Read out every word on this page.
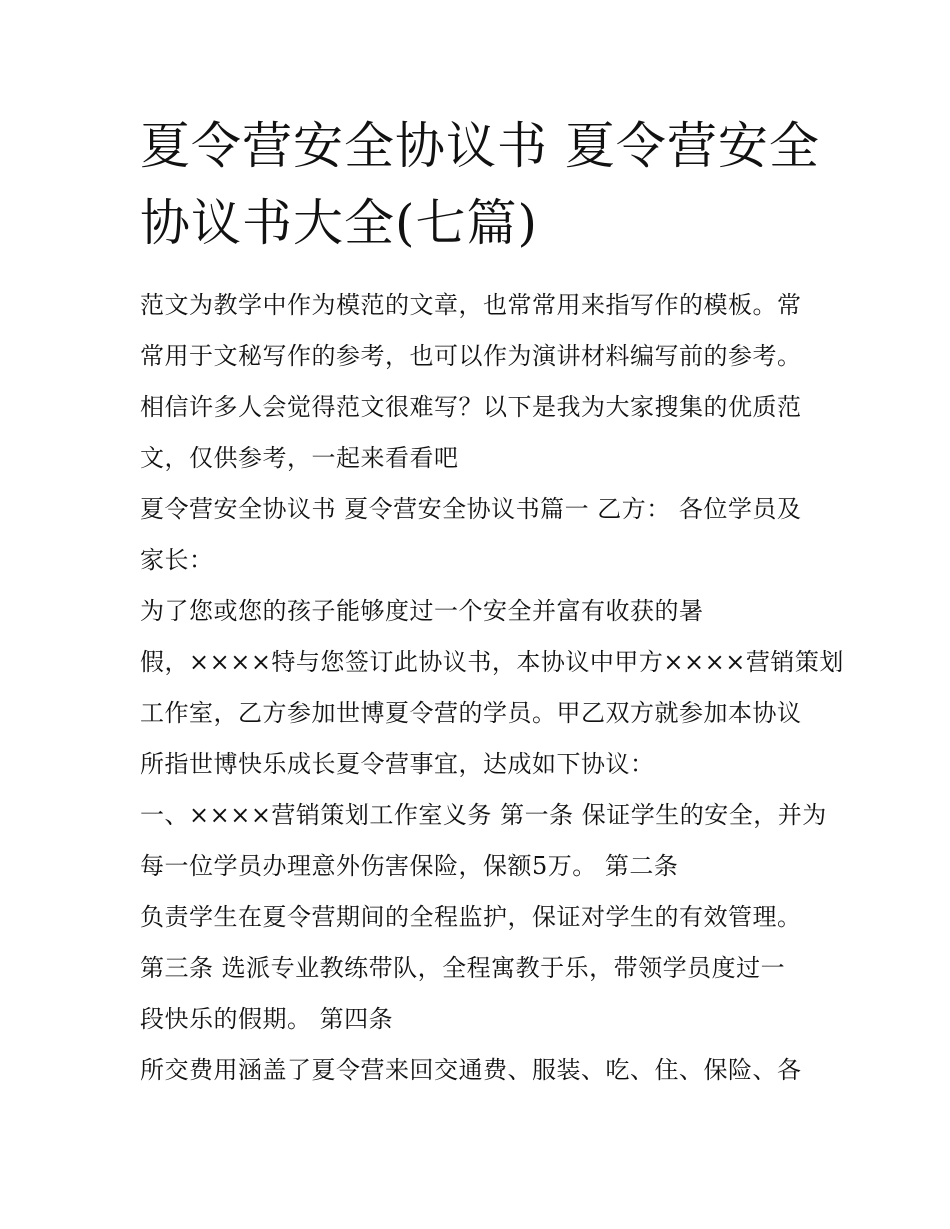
夏令营安全协议书 夏令营安全
协议书大全(七篇)
范文为教学中作为模范的文章，也常常用来指写作的模板。常
常用于文秘写作的参考，也可以作为演讲材料编写前的参考。
相信许多人会觉得范文很难写？以下是我为大家搜集的优质范
文，仅供参考，一起来看看吧
夏令营安全协议书 夏令营安全协议书篇一 乙方： 各位学员及
家长：
为了您或您的孩子能够度过一个安全并富有收获的暑
假，××××特与您签订此协议书，本协议中甲方××××营销策划
工作室，乙方参加世博夏令营的学员。甲乙双方就参加本协议
所指世博快乐成长夏令营事宜，达成如下协议：
一、××××营销策划工作室义务 第一条 保证学生的安全，并为
每一位学员办理意外伤害保险，保额5万。 第二条
负责学生在夏令营期间的全程监护，保证对学生的有效管理。
第三条 选派专业教练带队，全程寓教于乐，带领学员度过一
段快乐的假期。 第四条
所交费用涵盖了夏令营来回交通费、服装、吃、住、保险、各
